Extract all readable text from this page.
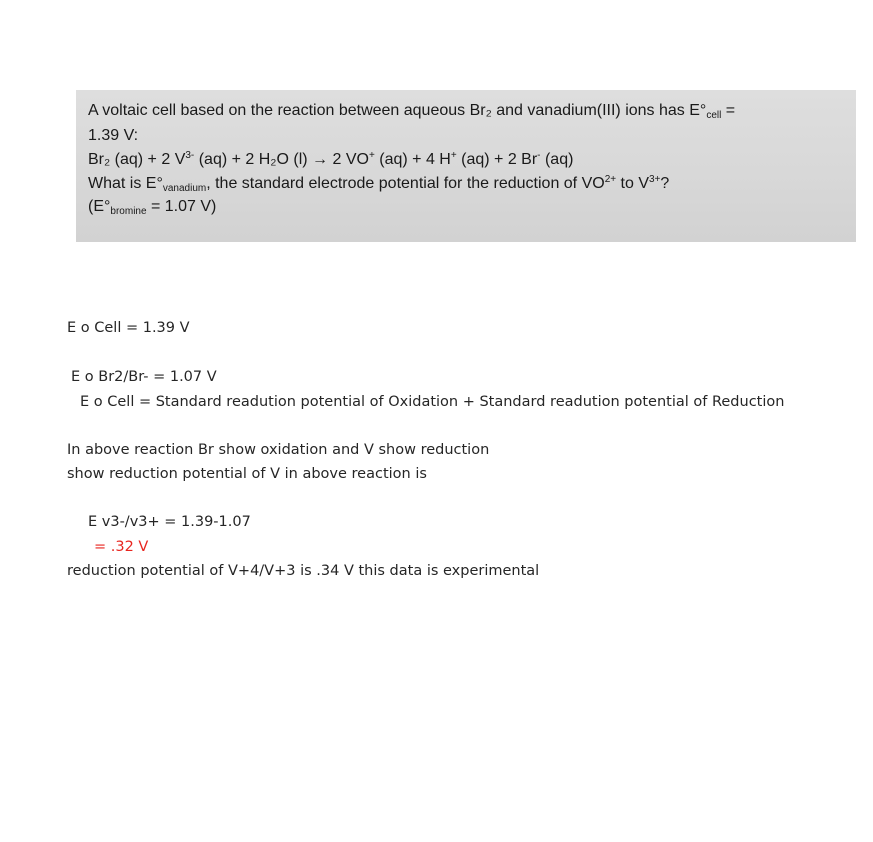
A voltaic cell based on the reaction between aqueous Br₂ and vanadium(III) ions has $E^\circ_{cell}$ =
1.39 V:
Br₂ (aq) + 2 $V^{3-}$ (aq) + 2 H₂O (l) → 2 VO+ (aq) + 4 H+ (aq) + 2 Br- (aq)
What is $E^\circ_{vanadium}$, the standard electrode potential for the reduction of $VO^{2+}$ to $V^{3+}$?
($E^\circ_{bromine} = 1.07$ V)
E o Cell = 1.39 V
E o Br2/Br- = 1.07 V
E o Cell = Standard readution potential of Oxidation + Standard readution potential of Reduction
In above reaction Br show oxidation and V show reduction
show reduction potential of V in above reaction is
E v3-/v3+ = 1.39-1.07
= .32 V
reduction potential of V+4/V+3 is .34 V this data is experimental
